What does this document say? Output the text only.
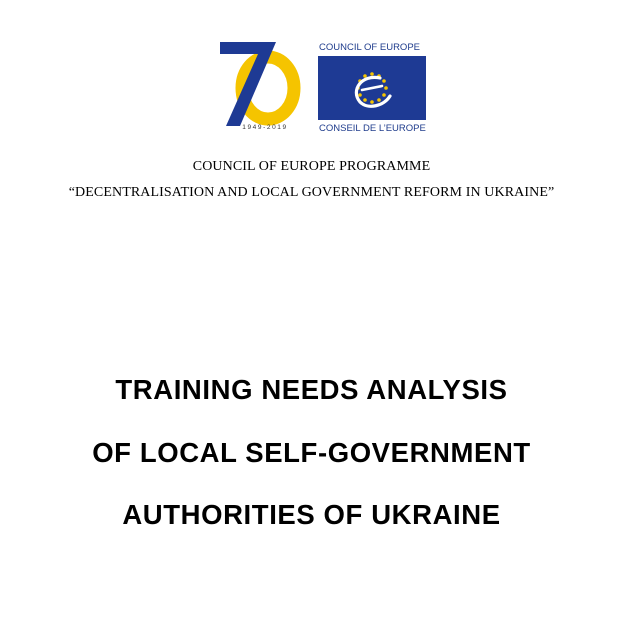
1949-2019
COUNCIL OF EUROPE
CONSEIL DE L’EUROPE
COUNCIL OF EUROPE PROGRAMME
“DECENTRALISATION AND LOCAL GOVERNMENT REFORM IN UKRAINE”
TRAINING NEEDS ANALYSIS
OF LOCAL SELF-GOVERNMENT
AUTHORITIES OF UKRAINE
